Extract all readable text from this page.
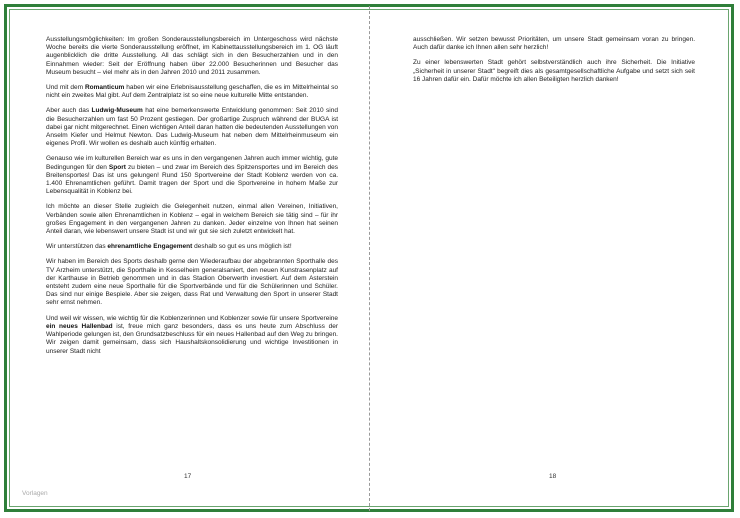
Ausstellungsmöglichkeiten: Im großen Sonderausstellungsbereich im Untergeschoss wird nächste Woche bereits die vierte Sonderausstellung eröffnet, im Kabinettausstellungsbereich im 1. OG läuft augenblicklich die dritte Ausstellung. All das schlägt sich in den Besucherzahlen und in den Einnahmen wieder: Seit der Eröffnung haben über 22.000 Besucherinnen und Besucher das Museum besucht – viel mehr als in den Jahren 2010 und 2011 zusammen.

Und mit dem Romanticum haben wir eine Erlebnisausstellung geschaffen, die es im Mittelrheintal so nicht ein zweites Mal gibt. Auf dem Zentralplatz ist so eine neue kulturelle Mitte entstanden.

Aber auch das Ludwig-Museum hat eine bemerkenswerte Entwicklung genommen: Seit 2010 sind die Besucherzahlen um fast 50 Prozent gestiegen. Der großartige Zuspruch während der BUGA ist dabei gar nicht mitgerechnet. Einen wichtigen Anteil daran hatten die bedeutenden Ausstellungen von Anselm Kiefer und Helmut Newton. Das Ludwig-Museum hat neben dem Mittelrheinmuseum ein eigenes Profil. Wir wollen es deshalb auch künftig erhalten.

Genauso wie im kulturellen Bereich war es uns in den vergangenen Jahren auch immer wichtig, gute Bedingungen für den Sport zu bieten – und zwar im Bereich des Spitzensportes und im Bereich des Breitensportes! Das ist uns gelungen! Rund 150 Sportvereine der Stadt Koblenz werden von ca. 1.400 Ehrenamtlichen geführt. Damit tragen der Sport und die Sportvereine in hohem Maße zur Lebensqualität in Koblenz bei.

Ich möchte an dieser Stelle zugleich die Gelegenheit nutzen, einmal allen Vereinen, Initiativen, Verbänden sowie allen Ehrenamtlichen in Koblenz – egal in welchem Bereich sie tätig sind – für ihr großes Engagement in den vergangenen Jahren zu danken. Jeder einzelne von Ihnen hat seinen Anteil daran, wie lebenswert unsere Stadt ist und wir gut sie sich zuletzt entwickelt hat.

Wir unterstützen das ehrenamtliche Engagement deshalb so gut es uns möglich ist!

Wir haben im Bereich des Sports deshalb gerne den Wiederaufbau der abgebrannten Sporthalle des TV Arzheim unterstützt, die Sporthalle in Kesselheim generalsaniert, den neuen Kunstrasenplatz auf der Karthause in Betrieb genommen und in das Stadion Oberwerth investiert. Auf dem Asterstein entsteht zudem eine neue Sporthalle für die Sportverbände und für die Schülerinnen und Schüler. Das sind nur einige Bespiele. Aber sie zeigen, dass Rat und Verwaltung den Sport in unserer Stadt sehr ernst nehmen.

Und weil wir wissen, wie wichtig für die Koblenzerinnen und Koblenzer sowie für unsere Sportvereine ein neues Hallenbad ist, freue mich ganz besonders, dass es uns heute zum Abschluss der Wahlperiode gelungen ist, den Grundsatzbeschluss für ein neues Hallenbad auf den Weg zu bringen. Wir zeigen damit gemeinsam, dass sich Haushaltskonsolidierung und wichtige Investitionen in unserer Stadt nicht

ausschließen. Wir setzen bewusst Prioritäten, um unsere Stadt gemeinsam voran zu bringen. Auch dafür danke ich Ihnen allen sehr herzlich!

Zu einer lebenswerten Stadt gehört selbstverständlich auch ihre Sicherheit. Die Initiative „Sicherheit in unserer Stadt" begreift dies als gesamtgesellschaftliche Aufgabe und setzt sich seit 16 Jahren dafür ein. Dafür möchte ich allen Beteiligten herzlich danken!

17	18
Vorlagen
